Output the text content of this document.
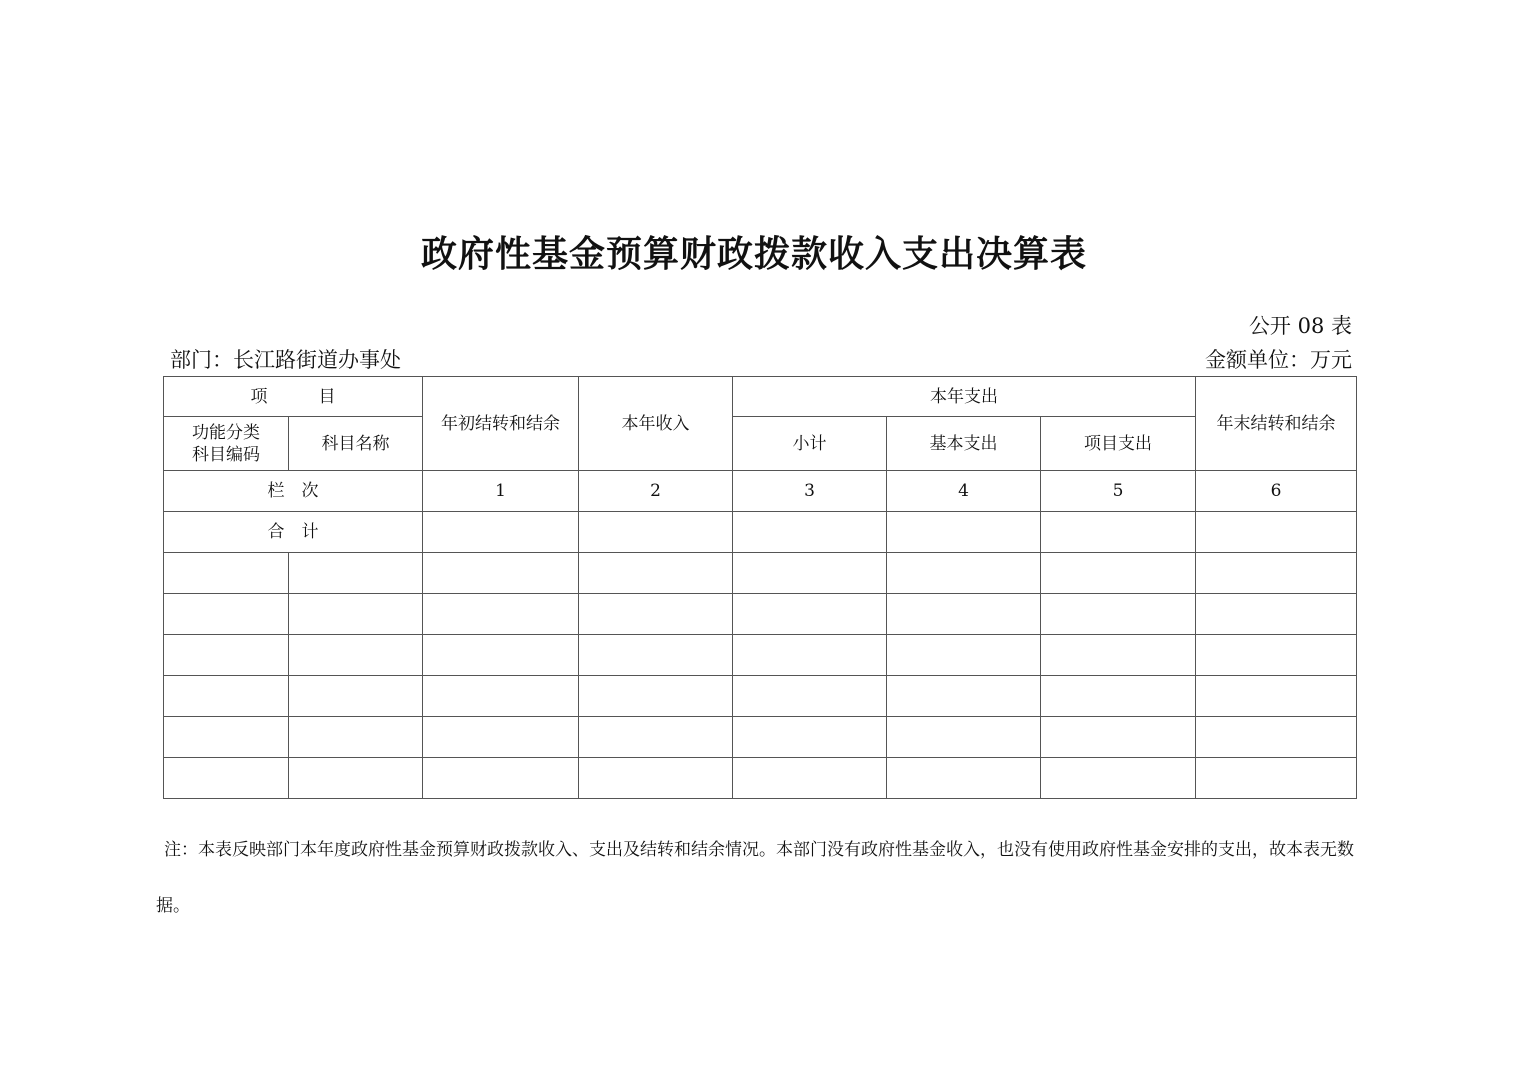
政府性基金预算财政拨款收入支出决算表
公开 08 表
部门：长江路街道办事处	金额单位：万元
项　　　目		年初结转和结余	本年收入	本年支出			年末结转和结余

功能分类
科目编码	科目名称			小计	基本支出	项目支出	
栏　次		1	2	3	4	5	6
合　计							

注：本表反映部门本年度政府性基金预算财政拨款收入、支出及结转和结余情况。本部门没有政府性基金收入，也没有使用政府性基金安排的支出，故本表无数据。
